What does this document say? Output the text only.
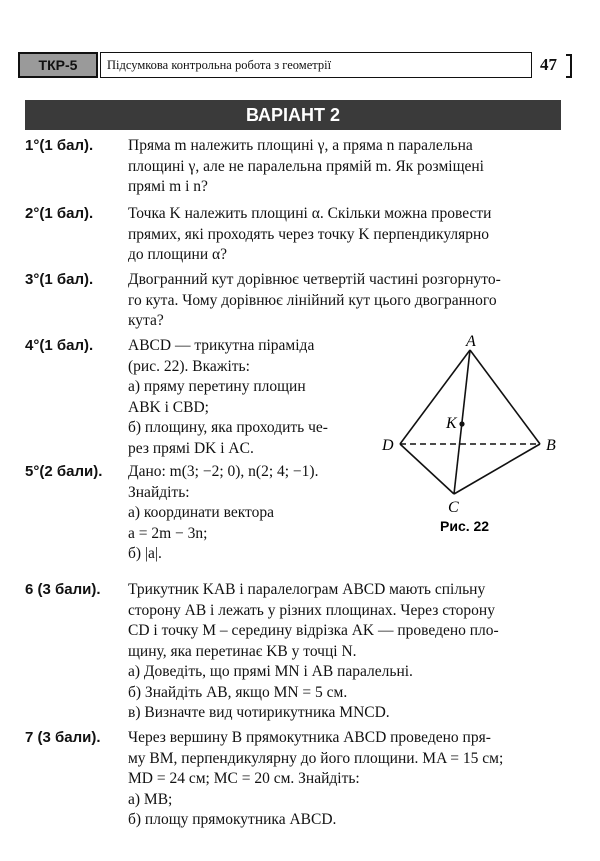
ТКР-5	Підсумкова контрольна робота з геометрії	47
ВАРІАНТ 2
1°(1 бал).	Пряма m належить площині γ, а пряма n паралельна
площині γ, але не паралельна прямій m. Як розміщені
прямі m і n?
2°(1 бал).	Точка K належить площині α. Скільки можна провести
прямих, які проходять через точку K перпендикулярно
до площини α?
3°(1 бал).	Двогранний кут дорівнює четвертій частині розгорнуто-
го кута. Чому дорівнює лінійний кут цього двогранного
кута?
4°(1 бал).	ABCD — трикутна піраміда
(рис. 22). Вкажіть:
а) пряму перетину площин
ABK і CBD;
б) площину, яка проходить че-
рез прямі DK і AC.
5°(2 бали).	Дано: m(3; −2; 0), n(2; 4; −1).
Знайдіть:
а) координати вектора
a = 2m − 3n;
б) |a|.
6 (3 бали).	Трикутник KAB і паралелограм ABCD мають спільну
сторону AB і лежать у різних площинах. Через сторону
CD і точку M – середину відрізка AK — проведено пло-
щину, яка перетинає KB у точці N.
а) Доведіть, що прямі MN і AB паралельні.
б) Знайдіть AB, якщо MN = 5 см.
в) Визначте вид чотирикутника MNCD.
7 (3 бали).	Через вершину B прямокутника ABCD проведено пря-
му BM, перпендикулярну до його площини. MA = 15 см;
MD = 24 см; MC = 20 см. Знайдіть:
а) MB;
б) площу прямокутника ABCD.
A
B
C
D
K
Рис. 22
